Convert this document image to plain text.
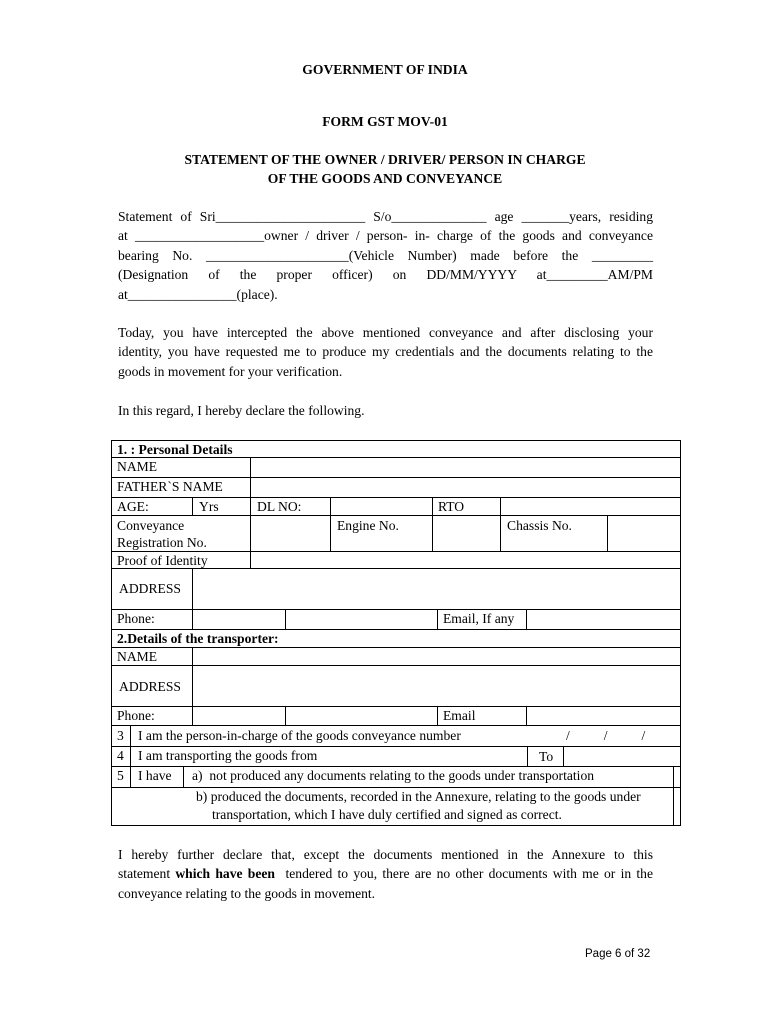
GOVERNMENT OF INDIA
FORM GST MOV-01
STATEMENT OF THE OWNER / DRIVER/ PERSON IN CHARGE
OF THE GOODS AND CONVEYANCE
Statement of Sri______________________ S/o______________ age _______years, residing
at ___________________owner / driver / person- in- charge of the goods and conveyance
bearing No. _____________________(Vehicle Number) made before the _________
(Designation of the proper officer) on DD/MM/YYYY at_________AM/PM
at________________(place).
Today, you have intercepted the above mentioned conveyance and after disclosing your
identity, you have requested me to produce my credentials and the documents relating to the
goods in movement for your verification.
In this regard, I hereby declare the following.
1. : Personal Details
NAME
FATHER`S NAME
AGE:	Yrs	DL NO:	RTO
Conveyance
Registration No.
Engine No.	Chassis No.
Proof of Identity
ADDRESS
Phone:	Email, If any
2.Details of the transporter:
NAME
ADDRESS
Phone:	Email
3 I am the person-in-charge of the goods conveyance number	/          /          /
4 I am transporting the goods from	To
5 I have a)  not produced any documents relating to the goods under transportation
b) produced the documents, recorded in the Annexure, relating to the goods under
transportation, which I have duly certified and signed as correct.
I hereby further declare that, except the documents mentioned in the Annexure to this
statement which have been  tendered to you, there are no other documents with me or in the
conveyance relating to the goods in movement.
Page 6 of 32
